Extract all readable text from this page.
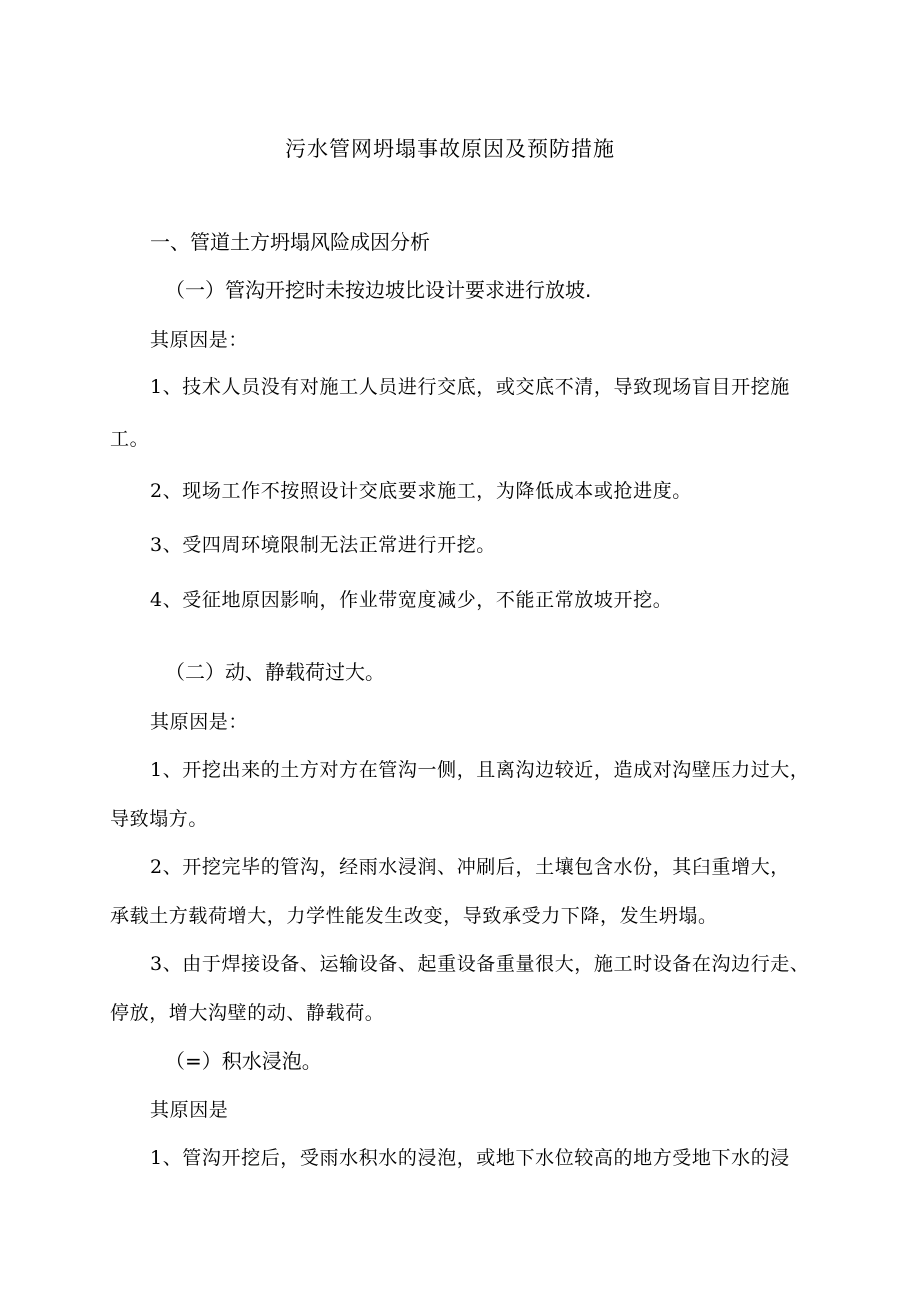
污水管网坍塌事故原因及预防措施
一、管道土方坍塌风险成因分析
（一）管沟开挖时未按边坡比设计要求进行放坡.
其原因是：
1、技术人员没有对施工人员进行交底，或交底不清，导致现场盲目开挖施
工。
2、现场工作不按照设计交底要求施工，为降低成本或抢进度。
3、受四周环境限制无法正常进行开挖。
4、受征地原因影响，作业带宽度减少，不能正常放坡开挖。
（二）动、静载荷过大。
其原因是：
1、开挖出来的土方对方在管沟一侧，且离沟边较近，造成对沟壁压力过大，
导致塌方。
2、开挖完毕的管沟，经雨水浸润、冲刷后，土壤包含水份，其臼重增大，
承载土方载荷增大，力学性能发生改变，导致承受力下降，发生坍塌。
3、由于焊接设备、运输设备、起重设备重量很大，施工时设备在沟边行走、
停放，增大沟壁的动、静载荷。
（=）积水浸泡。
其原因是
1、管沟开挖后，受雨水积水的浸泡，或地下水位较高的地方受地下水的浸
